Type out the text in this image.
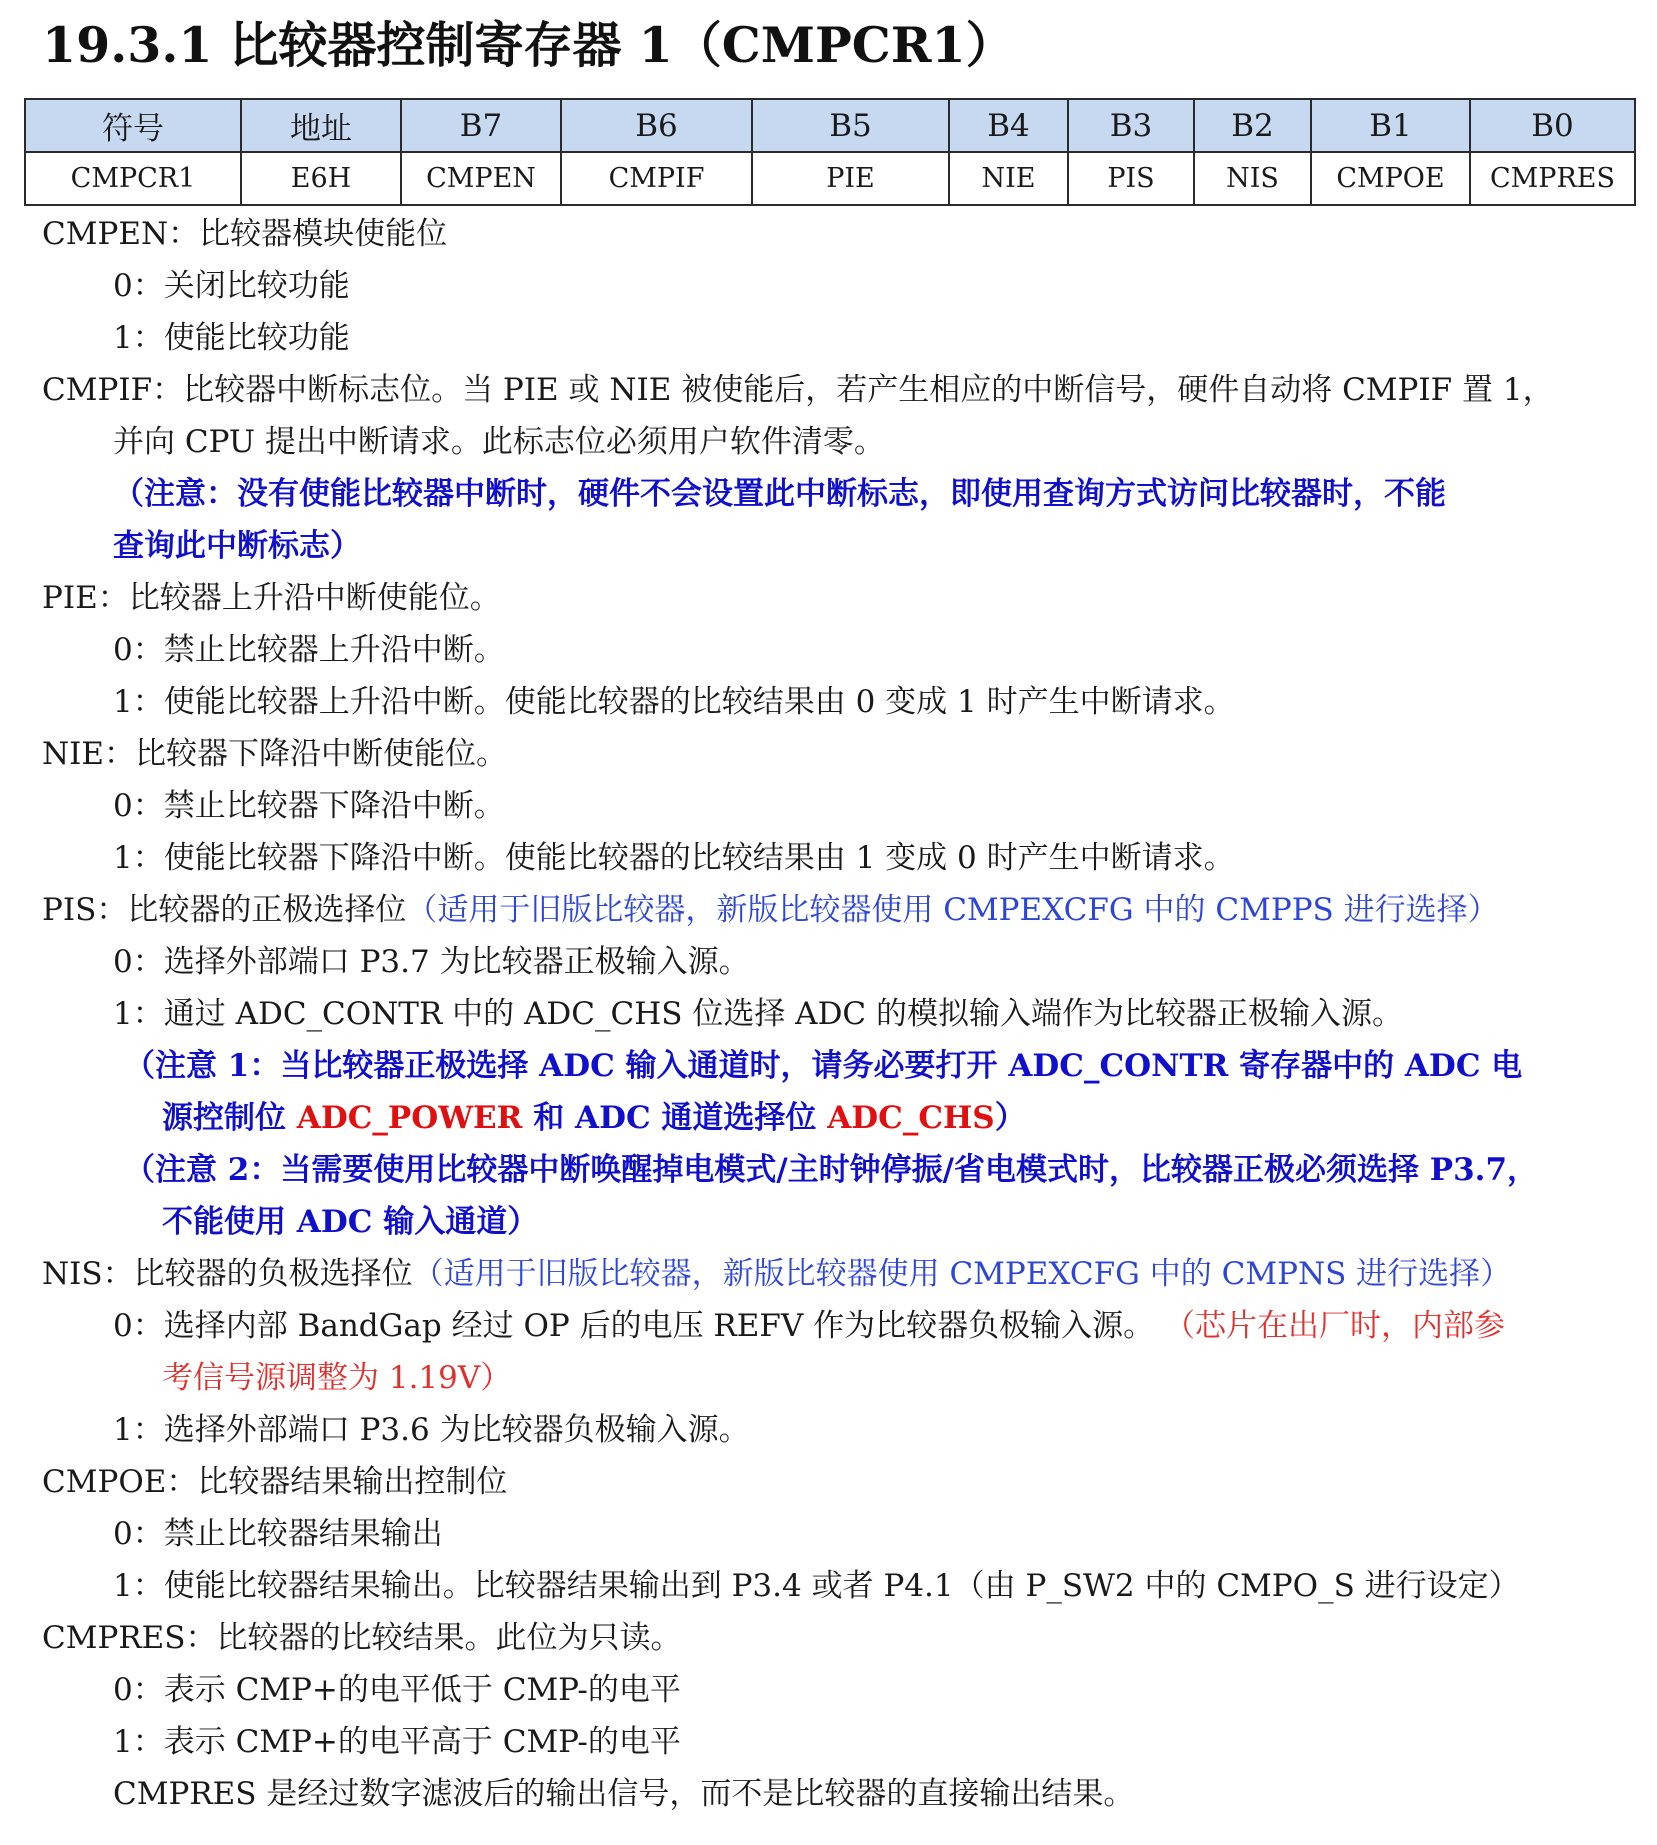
19.3.1 比较器控制寄存器 1（CMPCR1）
符号	地址	B7	B6	B5	B4	B3	B2	B1	B0
CMPCR1	E6H	CMPEN	CMPIF	PIE	NIE	PIS	NIS	CMPOE	CMPRES
CMPEN：比较器模块使能位
0：关闭比较功能
1：使能比较功能
CMPIF：比较器中断标志位。当 PIE 或 NIE 被使能后，若产生相应的中断信号，硬件自动将 CMPIF 置 1，
并向 CPU 提出中断请求。此标志位必须用户软件清零。
（注意：没有使能比较器中断时，硬件不会设置此中断标志，即使用查询方式访问比较器时，不能
查询此中断标志）
PIE：比较器上升沿中断使能位。
0：禁止比较器上升沿中断。
1：使能比较器上升沿中断。使能比较器的比较结果由 0 变成 1 时产生中断请求。
NIE：比较器下降沿中断使能位。
0：禁止比较器下降沿中断。
1：使能比较器下降沿中断。使能比较器的比较结果由 1 变成 0 时产生中断请求。
PIS：比较器的正极选择位（适用于旧版比较器，新版比较器使用 CMPEXCFG 中的 CMPPS 进行选择）
0：选择外部端口 P3.7 为比较器正极输入源。
1：通过 ADC_CONTR 中的 ADC_CHS 位选择 ADC 的模拟输入端作为比较器正极输入源。
（注意 1：当比较器正极选择 ADC 输入通道时，请务必要打开 ADC_CONTR 寄存器中的 ADC 电
源控制位 ADC_POWER 和 ADC 通道选择位 ADC_CHS）
（注意 2：当需要使用比较器中断唤醒掉电模式/主时钟停振/省电模式时，比较器正极必须选择 P3.7，
不能使用 ADC 输入通道）
NIS：比较器的负极选择位（适用于旧版比较器，新版比较器使用 CMPEXCFG 中的 CMPNS 进行选择）
0：选择内部 BandGap 经过 OP 后的电压 REFV 作为比较器负极输入源。 （芯片在出厂时，内部参
考信号源调整为 1.19V）
1：选择外部端口 P3.6 为比较器负极输入源。
CMPOE：比较器结果输出控制位
0：禁止比较器结果输出
1：使能比较器结果输出。比较器结果输出到 P3.4 或者 P4.1（由 P_SW2 中的 CMPO_S 进行设定）
CMPRES：比较器的比较结果。此位为只读。
0：表示 CMP+的电平低于 CMP-的电平
1：表示 CMP+的电平高于 CMP-的电平
CMPRES 是经过数字滤波后的输出信号，而不是比较器的直接输出结果。
